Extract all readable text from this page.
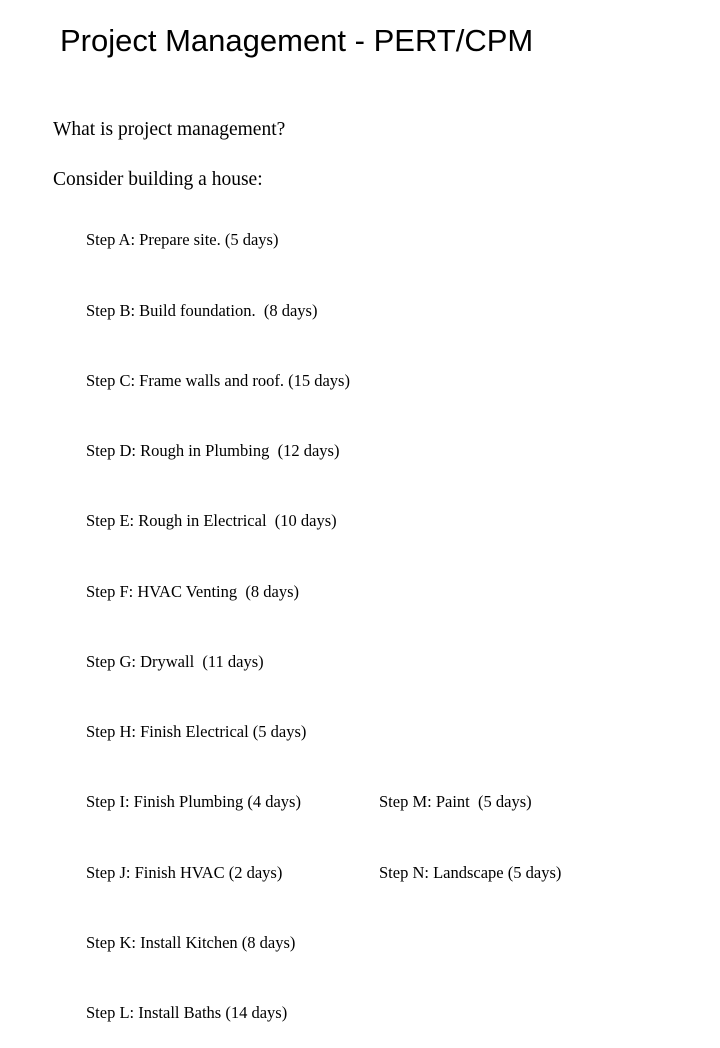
Project Management - PERT/CPM

What is project management?

Consider building a house:

Step A: Prepare site. (5 days)

Step B: Build foundation.  (8 days)

Step C: Frame walls and roof. (15 days)

Step D: Rough in Plumbing  (12 days)

Step E: Rough in Electrical  (10 days)

Step F: HVAC Venting  (8 days)

Step G: Drywall  (11 days)

Step H: Finish Electrical (5 days)

Step I: Finish Plumbing (4 days)	Step M: Paint  (5 days)

Step J: Finish HVAC (2 days)	Step N: Landscape (5 days)

Step K: Install Kitchen (8 days)

Step L: Install Baths (14 days)
